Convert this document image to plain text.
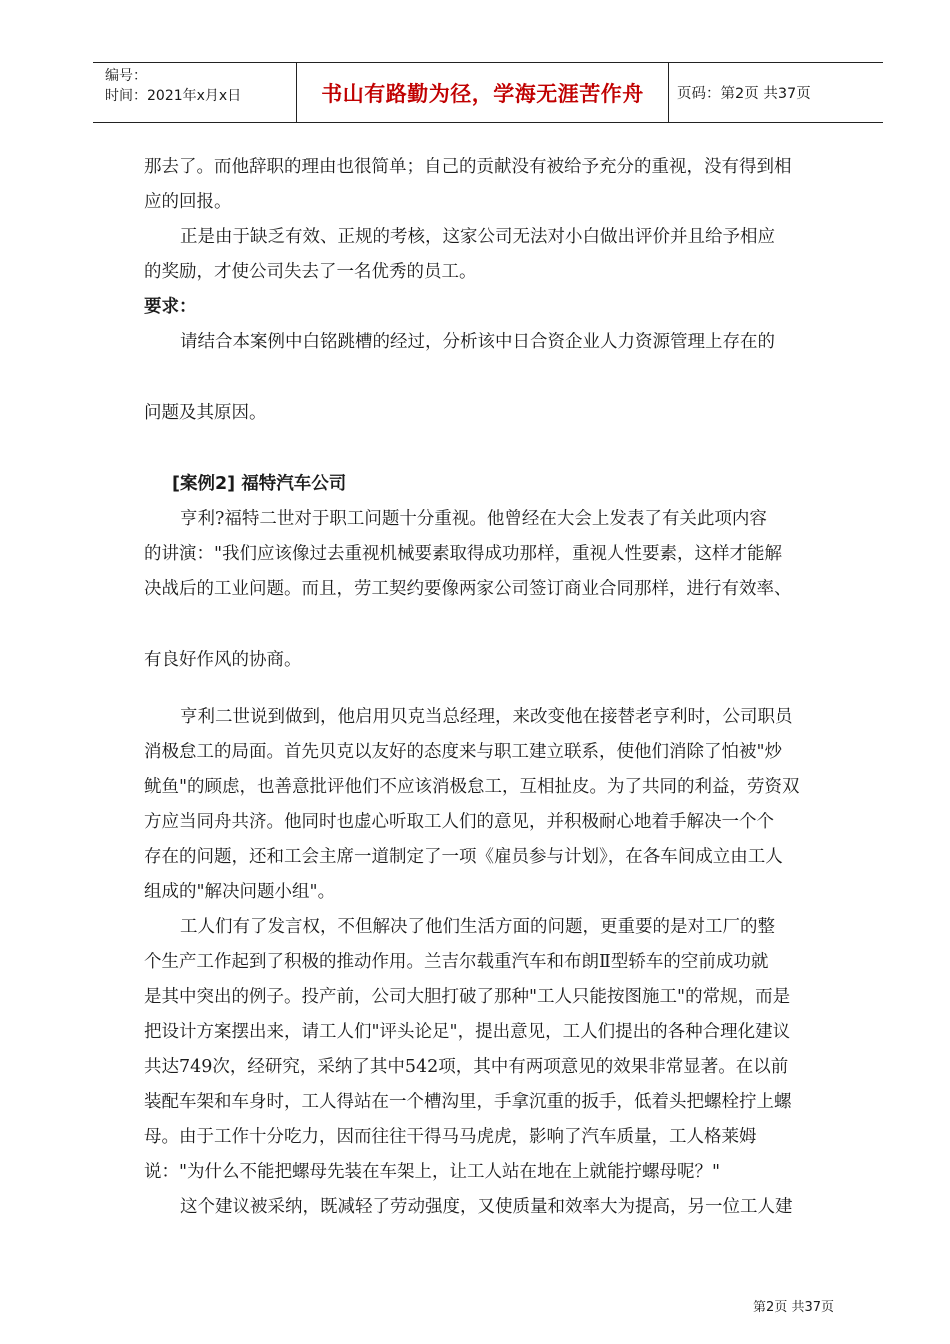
编号：
时间：2021年x月x日	书山有路勤为径，学海无涯苦作舟	页码：第2页 共37页
那去了。而他辞职的理由也很简单；自己的贡献没有被给予充分的重视，没有得到相
应的回报。
正是由于缺乏有效、正规的考核，这家公司无法对小白做出评价并且给予相应
的奖励，才使公司失去了一名优秀的员工。
要求：
请结合本案例中白铭跳槽的经过，分析该中日合资企业人力资源管理上存在的
问题及其原因。
[案例2] 福特汽车公司
亨利?福特二世对于职工问题十分重视。他曾经在大会上发表了有关此项内容
的讲演："我们应该像过去重视机械要素取得成功那样，重视人性要素，这样才能解
决战后的工业问题。而且，劳工契约要像两家公司签订商业合同那样，进行有效率、
有良好作风的协商。
亨利二世说到做到，他启用贝克当总经理，来改变他在接替老亨利时，公司职员
消极怠工的局面。首先贝克以友好的态度来与职工建立联系，使他们消除了怕被"炒
鱿鱼"的顾虑，也善意批评他们不应该消极怠工，互相扯皮。为了共同的利益，劳资双
方应当同舟共济。他同时也虚心听取工人们的意见，并积极耐心地着手解决一个个
存在的问题，还和工会主席一道制定了一项《雇员参与计划》，在各车间成立由工人
组成的"解决问题小组"。
工人们有了发言权，不但解决了他们生活方面的问题，更重要的是对工厂的整
个生产工作起到了积极的推动作用。兰吉尔载重汽车和布朗Ⅱ型轿车的空前成功就
是其中突出的例子。投产前，公司大胆打破了那种"工人只能按图施工"的常规，而是
把设计方案摆出来，请工人们"评头论足"，提出意见，工人们提出的各种合理化建议
共达749次，经研究，采纳了其中542项，其中有两项意见的效果非常显著。在以前
装配车架和车身时，工人得站在一个槽沟里，手拿沉重的扳手，低着头把螺栓拧上螺
母。由于工作十分吃力，因而往往干得马马虎虎，影响了汽车质量，工人格莱姆
说："为什么不能把螺母先装在车架上，让工人站在地在上就能拧螺母呢？"
这个建议被采纳，既减轻了劳动强度，又使质量和效率大为提高，另一位工人建
第2页 共37页
